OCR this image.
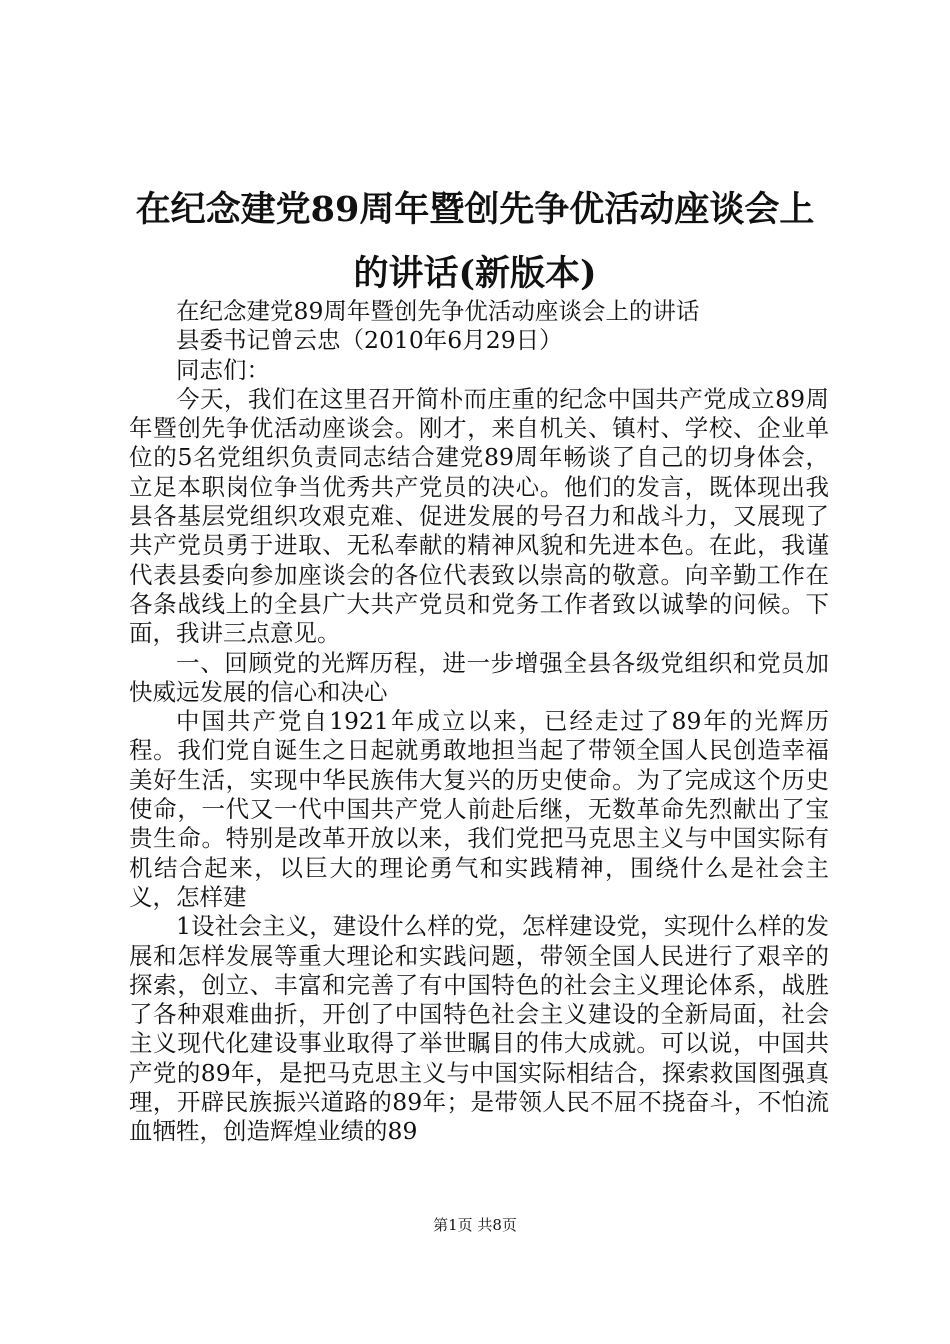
在纪念建党89周年暨创先争优活动座谈会上
的讲话(新版本)

在纪念建党89周年暨创先争优活动座谈会上的讲话

县委书记曾云忠（2010年6月29日）

同志们：

今天，我们在这里召开简朴而庄重的纪念中国共产党成立89周年暨创先争优活动座谈会。刚才，来自机关、镇村、学校、企业单位的5名党组织负责同志结合建党89周年畅谈了自己的切身体会，立足本职岗位争当优秀共产党员的决心。他们的发言，既体现出我县各基层党组织攻艰克难、促进发展的号召力和战斗力，又展现了共产党员勇于进取、无私奉献的精神风貌和先进本色。在此，我谨代表县委向参加座谈会的各位代表致以崇高的敬意。向辛勤工作在各条战线上的全县广大共产党员和党务工作者致以诚挚的问候。下面，我讲三点意见。

一、回顾党的光辉历程，进一步增强全县各级党组织和党员加快威远发展的信心和决心

中国共产党自1921年成立以来，已经走过了89年的光辉历程。我们党自诞生之日起就勇敢地担当起了带领全国人民创造幸福美好生活，实现中华民族伟大复兴的历史使命。为了完成这个历史使命，一代又一代中国共产党人前赴后继，无数革命先烈献出了宝贵生命。特别是改革开放以来，我们党把马克思主义与中国实际有机结合起来，以巨大的理论勇气和实践精神，围绕什么是社会主义，怎样建

1设社会主义，建设什么样的党，怎样建设党，实现什么样的发展和怎样发展等重大理论和实践问题，带领全国人民进行了艰辛的探索，创立、丰富和完善了有中国特色的社会主义理论体系，战胜了各种艰难曲折，开创了中国特色社会主义建设的全新局面，社会主义现代化建设事业取得了举世瞩目的伟大成就。可以说，中国共产党的89年，是把马克思主义与中国实际相结合，探索救国图强真理，开辟民族振兴道路的89年；是带领人民不屈不挠奋斗，不怕流血牺牲，创造辉煌业绩的89

第1页 共8页
